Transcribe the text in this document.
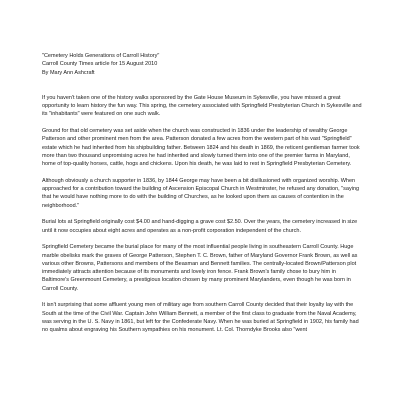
"Cemetery Holds Generations of Carroll History"
Carroll County Times article for 15 August 2010
By Mary Ann Ashcraft

If you haven't taken one of the history walks sponsored by the Gate House Museum in Sykesville, you have missed a great opportunity to learn history the fun way. This spring, the cemetery associated with Springfield Presbyterian Church in Sykesville and its "inhabitants" were featured on one such walk.

Ground for that old cemetery was set aside when the church was constructed in 1836 under the leadership of wealthy George Patterson and other prominent men from the area. Patterson donated a few acres from the western part of his vast "Springfield" estate which he had inherited from his shipbuilding father. Between 1824 and his death in 1869, the reticent gentleman farmer took more than two thousand unpromising acres he had inherited and slowly turned them into one of the premier farms in Maryland, home of top-quality horses, cattle, hogs and chickens. Upon his death, he was laid to rest in Springfield Presbyterian Cemetery.

Although obviously a church supporter in 1836, by 1844 George may have been a bit disillusioned with organized worship. When approached for a contribution toward the building of Ascension Episcopal Church in Westminster, he refused any donation, "saying that he would have nothing more to do with the building of Churches, as he looked upon them as causes of contention in the neighborhood."

Burial lots at Springfield originally cost $4.00 and hand-digging a grave cost $2.50. Over the years, the cemetery increased in size until it now occupies about eight acres and operates as a non-profit corporation independent of the church.

Springfield Cemetery became the burial place for many of the most influential people living in southeastern Carroll County. Huge marble obelisks mark the graves of George Patterson, Stephen T. C. Brown, father of Maryland Governor Frank Brown, as well as various other Browns, Pattersons and members of the Beasman and Bennett families. The centrally-located Brown/Patterson plot immediately attracts attention because of its monuments and lovely iron fence. Frank Brown's family chose to bury him in Baltimore's Greenmount Cemetery, a prestigious location chosen by many prominent Marylanders, even though he was born in Carroll County.

It isn't surprising that some affluent young men of military age from southern Carroll County decided that their loyalty lay with the South at the time of the Civil War. Captain John William Bennett, a member of the first class to graduate from the Naval Academy, was serving in the U. S. Navy in 1861, but left for the Confederate Navy. When he was buried at Springfield in 1902, his family had no qualms about engraving his Southern sympathies on his monument. Lt. Col. Thorndyke Brooks also "went
